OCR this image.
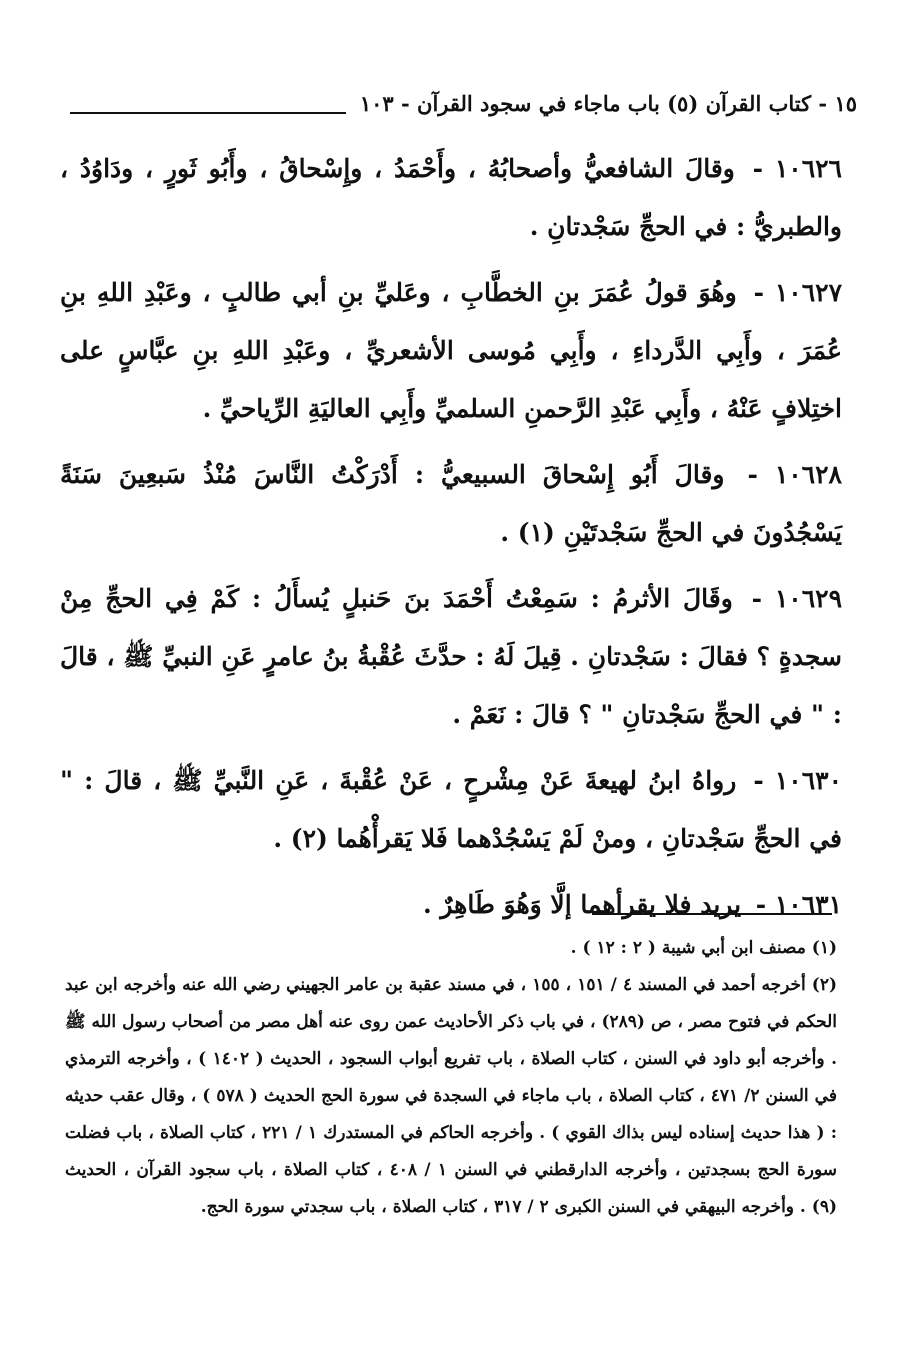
١٥ - كتاب القرآن (٥) باب ماجاء في سجود القرآن - ١٠٣

١٠٦٢٦ - وقالَ الشافعيُّ وأصحابُهُ ، وأَحْمَدُ ، وإِسْحاقُ ، وأَبُو ثَورٍ ، ودَاوُدُ ، والطبريُّ : في الحجِّ سَجْدتانِ .

١٠٦٢٧ - وهُوَ قولُ عُمَرَ بنِ الخطَّابِ ، وعَليِّ بنِ أبي طالبٍ ، وعَبْدِ اللهِ بنِ عُمَرَ ، وأَبِي الدَّرداءِ ، وأَبِي مُوسى الأشعريِّ ، وعَبْدِ اللهِ بنِ عبَّاسٍ على اختِلافٍ عَنْهُ ، وأَبِي عَبْدِ الرَّحمنِ السلميِّ وأَبِي العاليَةِ الرِّياحيِّ .

١٠٦٢٨ - وقالَ أَبُو إِسْحاقَ السبيعيُّ : أَدْرَكْتُ النَّاسَ مُنْذُ سَبعِينَ سَنَةً يَسْجُدُونَ في الحجِّ سَجْدتَيْنِ (١) .

١٠٦٢٩ - وقَالَ الأثرمُ : سَمِعْتُ أَحْمَدَ بنَ حَنبلٍ يُسأَلُ : كَمْ فِي الحجِّ مِنْ سجدةٍ ؟ فقالَ : سَجْدتانِ . قِيلَ لَهُ : حدَّثَ عُقْبةُ بنُ عامرٍ عَنِ النبيِّ ﷺ ، قالَ : " في الحجِّ سَجْدتانِ " ؟ قالَ : نَعَمْ .

١٠٦٣٠ - رواهُ ابنُ لهيعةَ عَنْ مِشْرحٍ ، عَنْ عُقْبةَ ، عَنِ النَّبيِّ ﷺ ، قالَ : " في الحجِّ سَجْدتانِ ، ومنْ لَمْ يَسْجُدْهما فَلا يَقرأْهُما (٢) .

١٠٦٣١ - يريد فلا يقرأهما إلَّا وَهُوَ طَاهِرٌ .

(١) مصنف ابن أبي شيبة ( ٢ : ١٢ ) .

(٢) أخرجه أحمد في المسند ٤ / ١٥١ ، ١٥٥ ، في مسند عقبة بن عامر الجهيني رضي الله عنه وأخرجه ابن عبد الحكم في فتوح مصر ، ص (٢٨٩) ، في باب ذكر الأحاديث عمن روى عنه أهل مصر من أصحاب رسول الله ﷺ . وأخرجه أبو داود في السنن ، كتاب الصلاة ، باب تفريع أبواب السجود ، الحديث ( ١٤٠٢ ) ، وأخرجه الترمذي في السنن ٢/ ٤٧١ ، كتاب الصلاة ، باب ماجاء في السجدة في سورة الحج الحديث ( ٥٧٨ ) ، وقال عقب حديثه : ( هذا حديث إسناده ليس بذاك القوي ) . وأخرجه الحاكم في المستدرك ١ / ٢٢١ ، كتاب الصلاة ، باب فضلت سورة الحج بسجدتين ، وأخرجه الدارقطني في السنن ١ / ٤٠٨ ، كتاب الصلاة ، باب سجود القرآن ، الحديث (٩) . وأخرجه البيهقي في السنن الكبرى ٢ / ٣١٧ ، كتاب الصلاة ، باب سجدتي سورة الحج.
